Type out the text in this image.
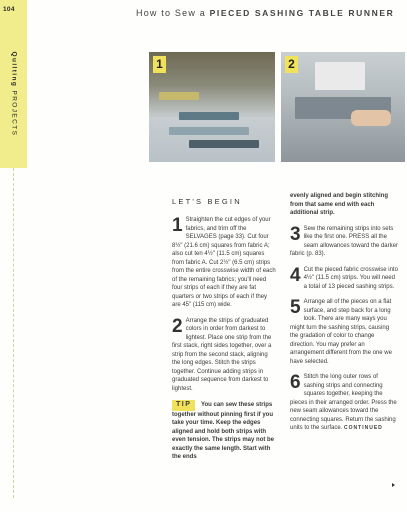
104
Quilting PROJECTS
How to Sew a PIECED SASHING TABLE RUNNER
1	2
LET'S BEGIN
1 Straighten the cut edges of your fabrics, and trim off the SELVAGES (page 33). Cut four 8½" (21.6 cm) squares from fabric A; also cut ten 4½" (11.5 cm) squares from fabric A. Cut 2½" (6.5 cm) strips from the entire crosswise width of each of the remaining fabrics; you'll need four strips of each if they are fat quarters or two strips of each if they are 45" (115 cm) wide.
2 Arrange the strips of graduated colors in order from darkest to lightest. Place one strip from the first stack, right sides together, over a strip from the second stack, aligning the long edges. Stitch the strips together. Continue adding strips in graduated sequence from darkest to lightest.
TIP You can sew these strips together without pinning first if you take your time. Keep the edges aligned and hold both strips with even tension. The strips may not be exactly the same length. Start with the ends
evenly aligned and begin stitching from that same end with each additional strip.
3 Sew the remaining strips into sets like the first one. PRESS all the seam allowances toward the darker fabric (p. 83).
4 Cut the pieced fabric crosswise into 4½" (11.5 cm) strips. You will need a total of 13 pieced sashing strips.
5 Arrange all of the pieces on a flat surface, and step back for a long look. There are many ways you might turn the sashing strips, causing the gradation of color to change direction. You may prefer an arrangement different from the one we have selected.
6 Stitch the long outer rows of sashing strips and connecting squares together, keeping the pieces in their arranged order. Press the new seam allowances toward the connecting squares. Return the sashing units to the surface. CONTINUED
